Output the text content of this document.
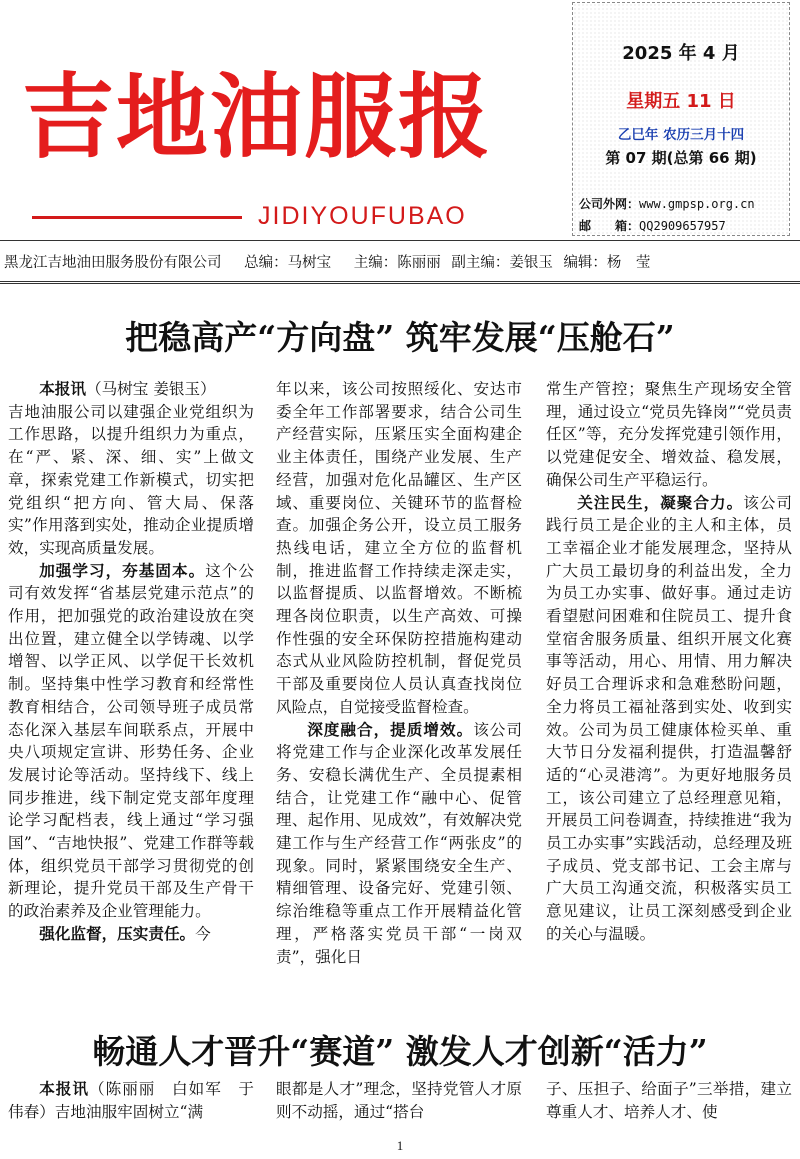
吉地油服报
JIDIYOUFUBAO
2025 年 4 月
星期五 11 日
乙巳年 农历三月十四
第 07 期(总第 66 期)
公司外网：www.gmpsp.org.cn
邮　　箱：QQ2909657957
黑龙江吉地油田服务股份有限公司 总编：马树宝 主编：陈丽丽 副主编：姜银玉 编辑：杨　莹
把稳高产“方向盘” 筑牢发展“压舱石”

本报讯（马树宝 姜银玉）

吉地油服公司以建强企业党组织为工作思路，以提升组织力为重点，在“严、紧、深、细、实”上做文章，探索党建工作新模式，切实把党组织“把方向、管大局、保落实”作用落到实处，推动企业提质增效，实现高质量发展。

加强学习，夯基固本。这个公司有效发挥“省基层党建示范点”的作用，把加强党的政治建设放在突出位置，建立健全以学铸魂、以学增智、以学正风、以学促干长效机制。坚持集中性学习教育和经常性教育相结合，公司领导班子成员常态化深入基层车间联系点，开展中央八项规定宣讲、形势任务、企业发展讨论等活动。坚持线下、线上同步推进，线下制定党支部年度理论学习配档表，线上通过“学习强国”、“吉地快报”、党建工作群等载体，组织党员干部学习贯彻党的创新理论，提升党员干部及生产骨干的政治素养及企业管理能力。

强化监督，压实责任。今

年以来，该公司按照绥化、安达市委全年工作部署要求，结合公司生产经营实际，压紧压实全面构建企业主体责任，围绕产业发展、生产经营，加强对危化品罐区、生产区域、重要岗位、关键环节的监督检查。加强企务公开，设立员工服务热线电话，建立全方位的监督机制，推进监督工作持续走深走实，以监督提质、以监督增效。不断梳理各岗位职责，以生产高效、可操作性强的安全环保防控措施构建动态式从业风险防控机制，督促党员干部及重要岗位人员认真查找岗位风险点，自觉接受监督检查。

深度融合，提质增效。该公司将党建工作与企业深化改革发展任务、安稳长满优生产、全员提素相结合，让党建工作“融中心、促管理、起作用、见成效”，有效解决党建工作与生产经营工作“两张皮”的现象。同时，紧紧围绕安全生产、精细管理、设备完好、党建引领、综治维稳等重点工作开展精益化管理，严格落实党员干部“一岗双责”，强化日

常生产管控；聚焦生产现场安全管理，通过设立“党员先锋岗”“党员责任区”等，充分发挥党建引领作用，以党建促安全、增效益、稳发展，确保公司生产平稳运行。

关注民生，凝聚合力。该公司践行员工是企业的主人和主体，员工幸福企业才能发展理念，坚持从广大员工最切身的利益出发，全力为员工办实事、做好事。通过走访看望慰问困难和住院员工、提升食堂宿舍服务质量、组织开展文化赛事等活动，用心、用情、用力解决好员工合理诉求和急难愁盼问题，全力将员工福祉落到实处、收到实效。公司为员工健康体检买单、重大节日分发福利提供，打造温馨舒适的“心灵港湾”。为更好地服务员工，该公司建立了总经理意见箱，开展员工问卷调查，持续推进“我为员工办实事”实践活动，总经理及班子成员、党支部书记、工会主席与广大员工沟通交流，积极落实员工意见建议，让员工深刻感受到企业的关心与温暖。

畅通人才晋升“赛道” 激发人才创新“活力”

本报讯（陈丽丽　白如军　于伟春）吉地油服牢固树立“满

眼都是人才”理念，坚持党管人才原则不动摇，通过“搭台

子、压担子、给面子”三举措，建立尊重人才、培养人才、使

1
